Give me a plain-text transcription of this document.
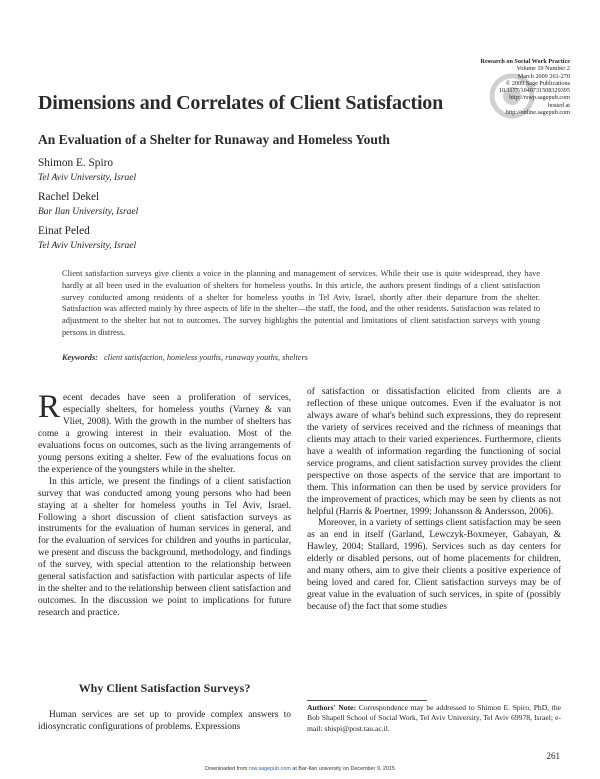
Research on Social Work Practice
Volume 19 Number 2
March 2009 261-270
© 2009 Sage Publications
10.1177/1049731508329395
http://rswp.sagepub.com
hosted at
http://online.sagepub.com
Dimensions and Correlates of Client Satisfaction
An Evaluation of a Shelter for Runaway and Homeless Youth
Shimon E. Spiro
Tel Aviv University, Israel
Rachel Dekel
Bar Ilan University, Israel
Einat Peled
Tel Aviv University, Israel
Client satisfaction surveys give clients a voice in the planning and management of services. While their use is quite widespread, they have hardly at all been used in the evaluation of shelters for homeless youths. In this article, the authors present findings of a client satisfaction survey conducted among residents of a shelter for homeless youths in Tel Aviv, Israel, shortly after their departure from the shelter. Satisfaction was affected mainly by three aspects of life in the shelter—the staff, the food, and the other residents. Satisfaction was related to adjustment to the shelter but not to outcomes. The survey highlights the potential and limitations of client satisfaction surveys with young persons in distress.
Keywords: client satisfaction, homeless youths, runaway youths, shelters

Recent decades have seen a proliferation of services, especially shelters, for homeless youths (Varney & van Vliet, 2008). With the growth in the number of shelters has come a growing interest in their evaluation. Most of the evaluations focus on outcomes, such as the living arrangements of young persons exiting a shelter. Few of the evaluations focus on the experience of the youngsters while in the shelter.

In this article, we present the findings of a client satisfaction survey that was conducted among young persons who had been staying at a shelter for homeless youths in Tel Aviv, Israel. Following a short discussion of client satisfaction surveys as instruments for the evaluation of human services in general, and for the evaluation of services for children and youths in particular, we present and discuss the background, methodology, and findings of the survey, with special attention to the relationship between general satisfaction and satisfaction with particular aspects of life in the shelter and to the relationship between client satisfaction and outcomes. In the discussion we point to implications for future research and practice.

Why Client Satisfaction Surveys?

Human services are set up to provide complex answers to idiosyncratic configurations of problems. Expressions

of satisfaction or dissatisfaction elicited from clients are a reflection of these unique outcomes. Even if the evaluator is not always aware of what's behind such expressions, they do represent the variety of services received and the richness of meanings that clients may attach to their varied experiences. Furthermore, clients have a wealth of information regarding the functioning of social service programs, and client satisfaction survey provides the client perspective on those aspects of the service that are important to them. This information can then be used by service providers for the improvement of practices, which may be seen by clients as not helpful (Harris & Poertner, 1999; Johansson & Andersson, 2006).

Moreover, in a variety of settings client satisfaction may be seen as an end in itself (Garland, Lewczyk-Boxmeyer, Gabayan, & Hawley, 2004; Stallard, 1996). Services such as day centers for elderly or disabled persons, out of home placements for children, and many others, aim to give their clients a positive experience of being loved and cared for. Client satisfaction surveys may be of great value in the evaluation of such services, in spite of (possibly because of) the fact that some studies

Authors' Note: Correspondence may be addressed to Shimon E. Spiro, PhD, the Bob Shapell School of Social Work, Tel Aviv University, Tel Aviv 69978, Israel; e-mail: shispi@post.tau.ac.il.
261
Downloaded from rsw.sagepub.com at Bar-Ilan university on December 9, 2015
